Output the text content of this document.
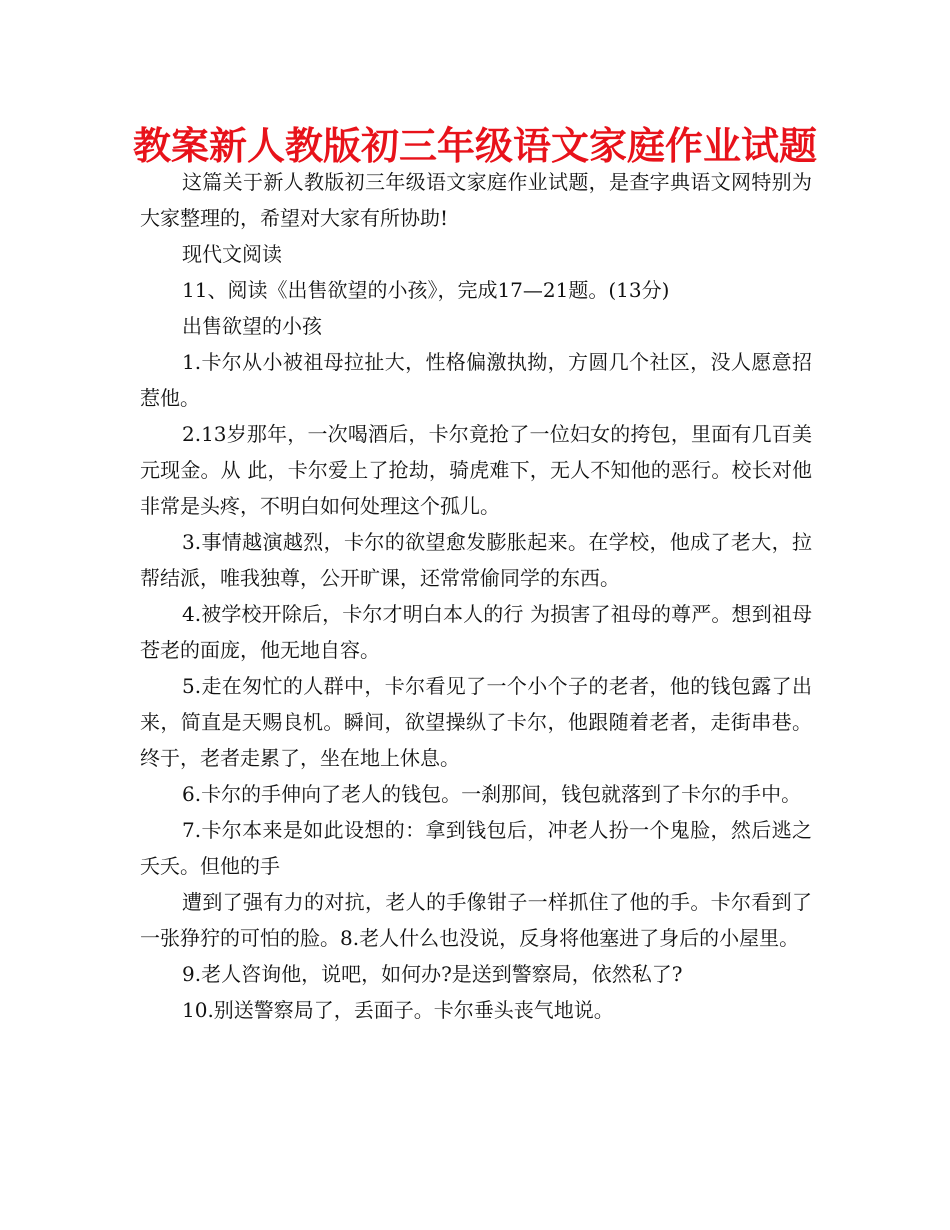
教案新人教版初三年级语文家庭作业试题

这篇关于新人教版初三年级语文家庭作业试题，是查字典语文网特别为大家整理的，希望对大家有所协助!

现代文阅读

11、阅读《出售欲望的小孩》，完成17—21题。(13分)

出售欲望的小孩

1.卡尔从小被祖母拉扯大，性格偏激执拗，方圆几个社区，没人愿意招惹他。

2.13岁那年，一次喝酒后，卡尔竟抢了一位妇女的挎包，里面有几百美元现金。从 此，卡尔爱上了抢劫，骑虎难下，无人不知他的恶行。校长对他非常是头疼，不明白如何处理这个孤儿。

3.事情越演越烈，卡尔的欲望愈发膨胀起来。在学校，他成了老大，拉帮结派，唯我独尊，公开旷课，还常常偷同学的东西。

4.被学校开除后，卡尔才明白本人的行 为损害了祖母的尊严。想到祖母苍老的面庞，他无地自容。

5.走在匆忙的人群中，卡尔看见了一个小个子的老者，他的钱包露了出来，简直是天赐良机。瞬间，欲望操纵了卡尔，他跟随着老者，走街串巷。终于，老者走累了，坐在地上休息。

6.卡尔的手伸向了老人的钱包。一刹那间，钱包就落到了卡尔的手中。

7.卡尔本来是如此设想的：拿到钱包后，冲老人扮一个鬼脸，然后逃之夭夭。但他的手

遭到了强有力的对抗，老人的手像钳子一样抓住了他的手。卡尔看到了一张狰狞的可怕的脸。8.老人什么也没说，反身将他塞进了身后的小屋里。

9.老人咨询他，说吧，如何办?是送到警察局，依然私了?

10.别送警察局了，丢面子。卡尔垂头丧气地说。
